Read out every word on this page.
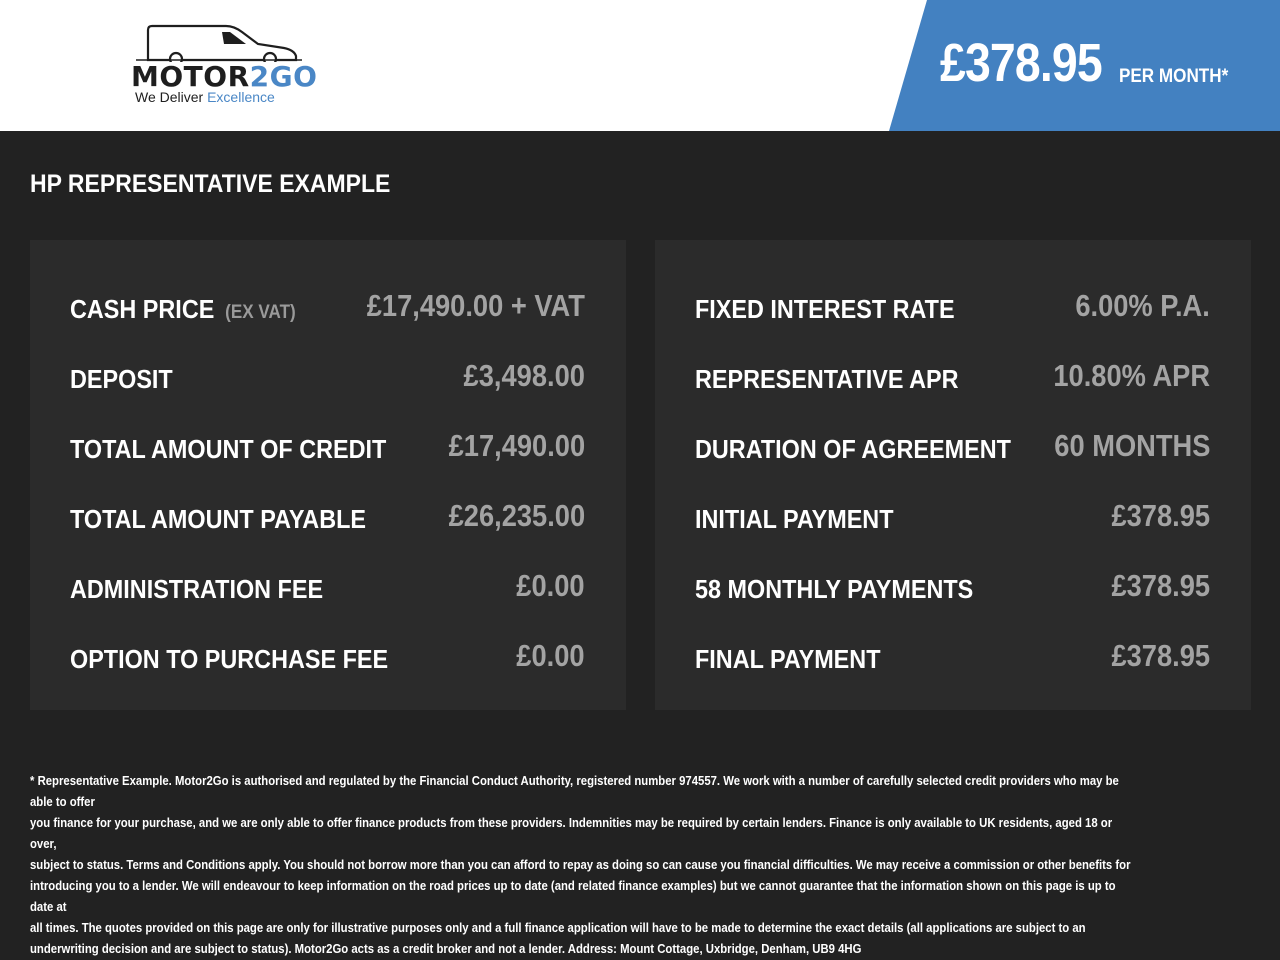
MOTOR2GO
We Deliver Excellence
£378.95 PER MONTH*
HP REPRESENTATIVE EXAMPLE
CASH PRICE (EX VAT) £17,490.00 + VAT
DEPOSIT	£3,498.00
TOTAL AMOUNT OF CREDIT £17,490.00
TOTAL AMOUNT PAYABLE	£26,235.00
ADMINISTRATION FEE	£0.00
OPTION TO PURCHASE FEE	£0.00
FIXED INTEREST RATE	6.00% P.A.
REPRESENTATIVE APR	10.80% APR
DURATION OF AGREEMENT 60 MONTHS
INITIAL PAYMENT	£378.95
58 MONTHLY PAYMENTS	£378.95
FINAL PAYMENT	£378.95
* Representative Example. Motor2Go is authorised and regulated by the Financial Conduct Authority, registered number 974557. We work with a number of carefully selected credit providers who may be able to offer
you finance for your purchase, and we are only able to offer finance products from these providers. Indemnities may be required by certain lenders. Finance is only available to UK residents, aged 18 or over,
subject to status. Terms and Conditions apply. You should not borrow more than you can afford to repay as doing so can cause you financial difficulties. We may receive a commission or other benefits for
introducing you to a lender. We will endeavour to keep information on the road prices up to date (and related finance examples) but we cannot guarantee that the information shown on this page is up to date at
all times. The quotes provided on this page are only for illustrative purposes only and a full finance application will have to be made to determine the exact details (all applications are subject to an
underwriting decision and are subject to status). Motor2Go acts as a credit broker and not a lender. Address: Mount Cottage, Uxbridge, Denham, UB9 4HG
